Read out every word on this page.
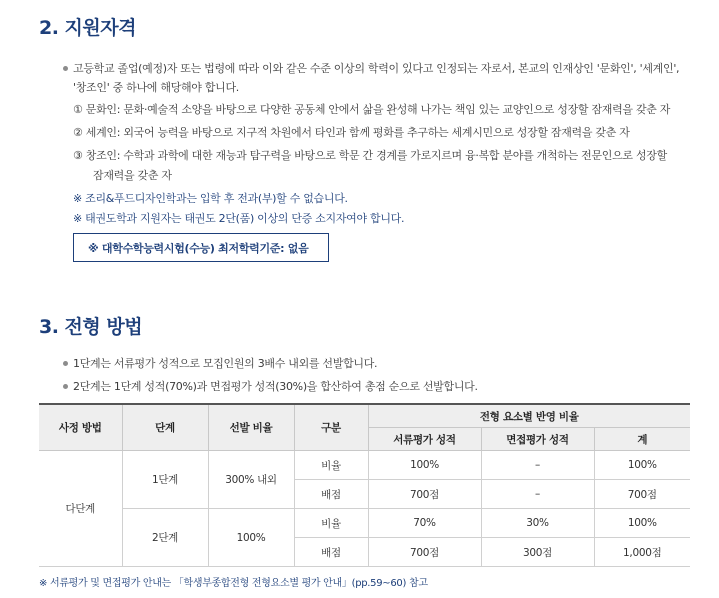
2. 지원자격
고등학교 졸업(예정)자 또는 법령에 따라 이와 같은 수준 이상의 학력이 있다고 인정되는 자로서, 본교의 인재상인 '문화인', '세계인',
'창조인' 중 하나에 해당해야 합니다.
① 문화인: 문화·예술적 소양을 바탕으로 다양한 공동체 안에서 삶을 완성해 나가는 책임 있는 교양인으로 성장할 잠재력을 갖춘 자
② 세계인: 외국어 능력을 바탕으로 지구적 차원에서 타인과 함께 평화를 추구하는 세계시민으로 성장할 잠재력을 갖춘 자
③ 창조인: 수학과 과학에 대한 재능과 탐구력을 바탕으로 학문 간 경계를 가로지르며 융·복합 분야를 개척하는 전문인으로 성장할
잠재력을 갖춘 자
※ 조리&푸드디자인학과는 입학 후 전과(부)할 수 없습니다.
※ 태권도학과 지원자는 태권도 2단(품) 이상의 단증 소지자여야 합니다.
※ 대학수학능력시험(수능) 최저학력기준: 없음
3. 전형 방법
1단계는 서류평가 성적으로 모집인원의 3배수 내외를 선발합니다.
2단계는 1단계 성적(70%)과 면접평가 성적(30%)을 합산하여 총점 순으로 선발합니다.
사정 방법	단계	선발 비율	구분	전형 요소별 반영 비율		
				서류평가 성적	면접평가 성적	계
다단계	1단계	300% 내외	비율	100%	–	100%
			배점	700점	–	700점
	2단계	100%	비율	70%	30%	100%
			배점	700점	300점	1,000점
※ 서류평가 및 면접평가 안내는 「학생부종합전형 전형요소별 평가 안내」(pp.59~60) 참고
